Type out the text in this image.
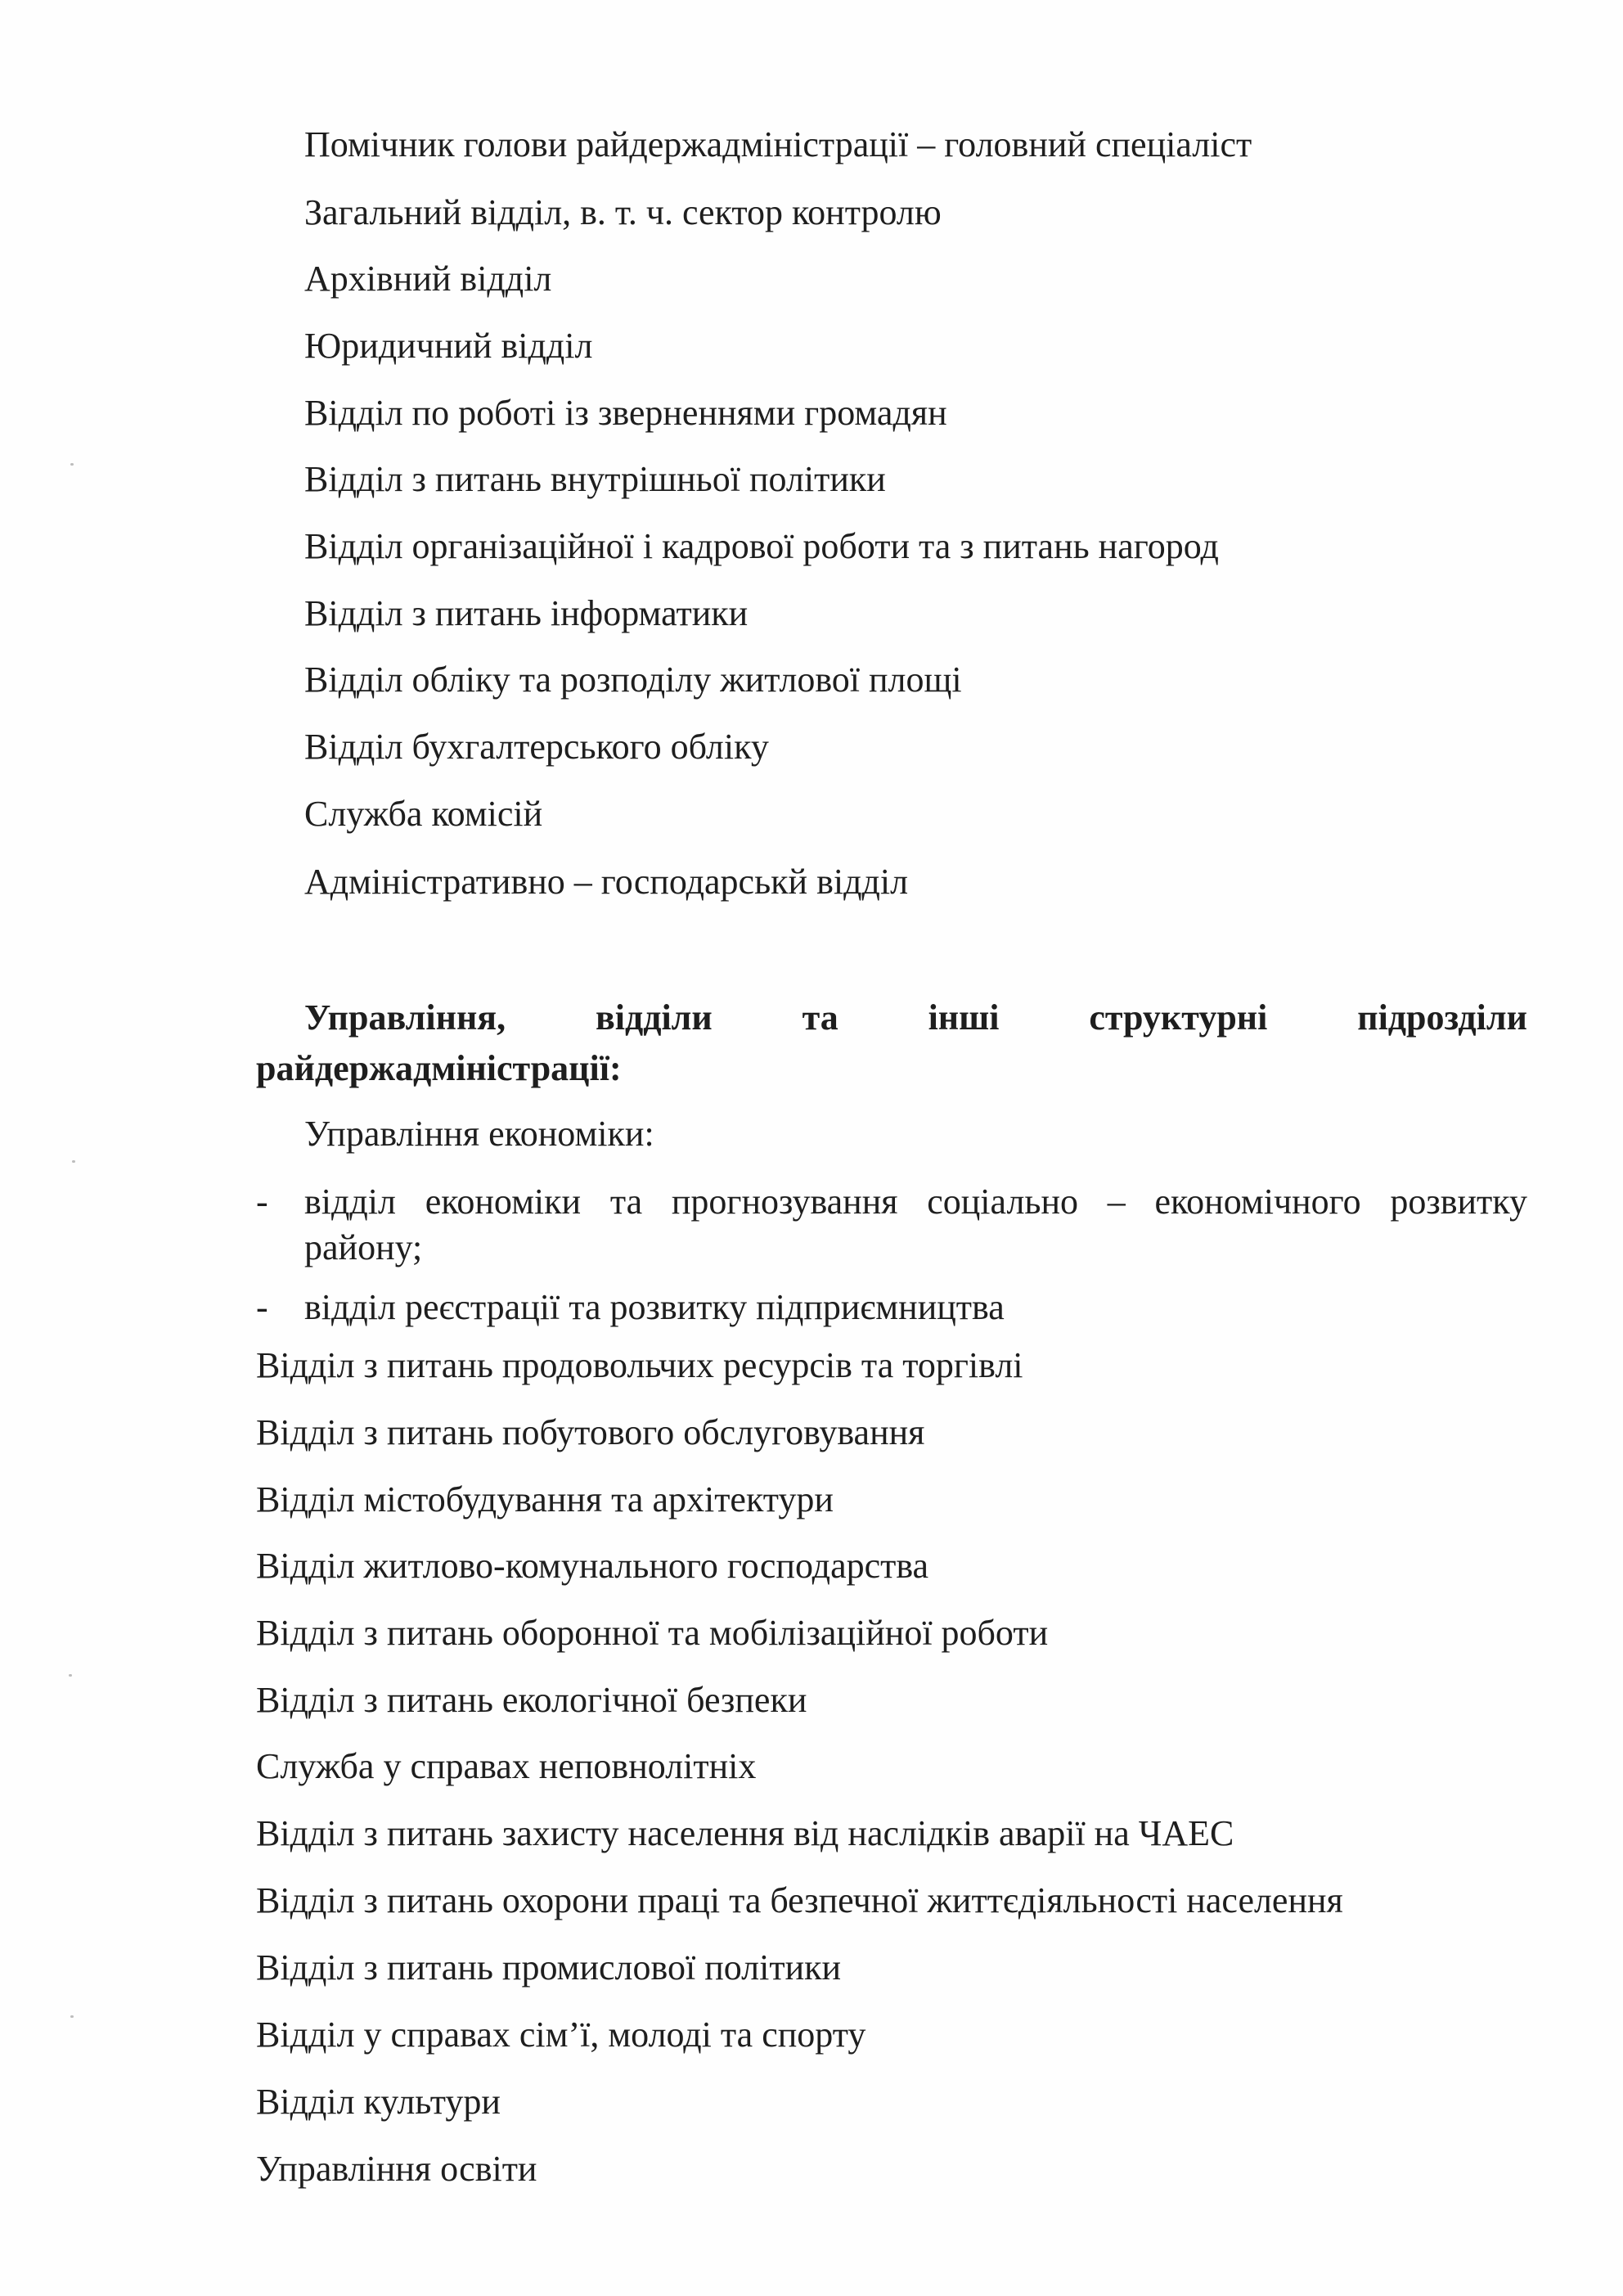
Помічник голови райдержадміністрації – головний спеціаліст
Загальний відділ, в. т. ч. сектор контролю
Архівний відділ
Юридичний відділ
Відділ по роботі із зверненнями громадян
Відділ з питань внутрішньої політики
Відділ організаційної і кадрової роботи та з питань нагород
Відділ з питань інформатики
Відділ обліку та розподілу житлової площі
Відділ бухгалтерського обліку
Служба комісій
Адміністративно – господарськй відділ
Управління, відділи та інші структурні підрозділи
райдержадміністрації:
Управління економіки:
-	відділ економіки та прогнозування соціально – економічного розвитку
району;
-	відділ реєстрації та розвитку підприємництва
Відділ з питань продовольчих ресурсів та торгівлі
Відділ з питань побутового обслуговування
Відділ містобудування та архітектури
Відділ житлово-комунального господарства
Відділ з питань оборонної та мобілізаційної роботи
Відділ з питань екологічної безпеки
Служба у справах неповнолітніх
Відділ з питань захисту населення від наслідків аварії на ЧАЕС
Відділ з питань охорони праці та безпечної життєдіяльності населення
Відділ з питань промислової політики
Відділ у справах сім’ї, молоді та спорту
Відділ культури
Управління освіти
